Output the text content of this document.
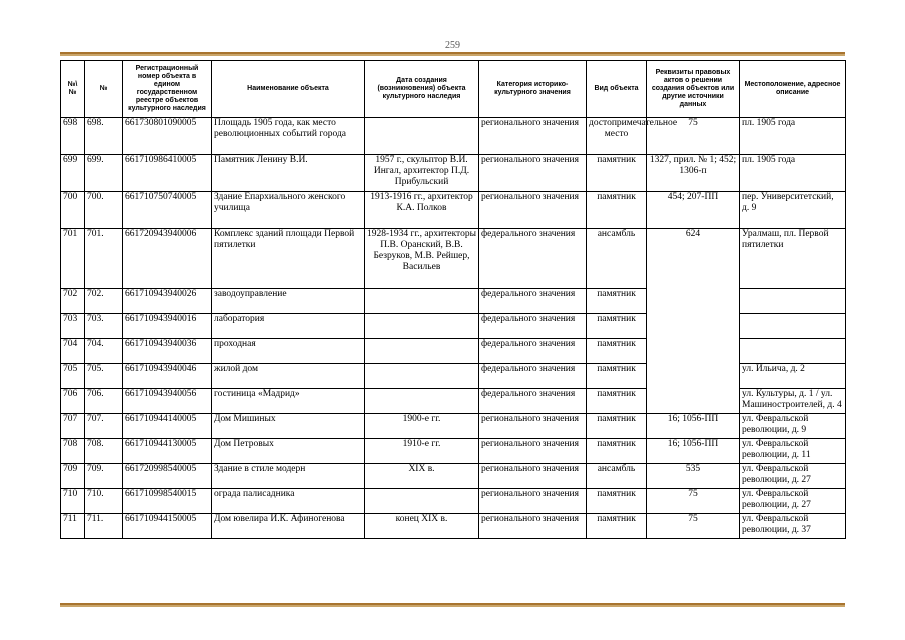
259
№\ №	№	Регистрационный номер объекта в едином государственном реестре объектов культурного наследия	Наименование объекта	Дата создания (возникновения) объекта культурного наследия	Категория историко-культурного значения	Вид объекта	Реквизиты правовых актов о решении создания объектов или другие источники данных	Местоположение, адресное описание
698	698.	661730801090005	Площадь 1905 года, как место революционных событий города		регионального значения	достопримечательное место	75	пл. 1905 года
699	699.	661710986410005	Памятник Ленину В.И.	1957 г., скульптор В.И. Ингал, архитектор П.Д. Прибульский	регионального значения	памятник	1327, прил. № 1; 452; 1306-п	пл. 1905 года
700	700.	661710750740005	Здание Епархиального женского училища	1913-1916 гг., архитектор К.А. Полков	регионального значения	памятник	454; 207-ПП	пер. Университетский, д. 9
701	701.	661720943940006	Комплекс зданий площади Первой пятилетки	1928-1934 гг., архитекторы П.В. Оранский, В.В. Безруков, М.В. Рейшер, Васильев	федерального значения	ансамбль	624	Уралмаш, пл. Первой пятилетки
702	702.	661710943940026	заводоуправление		федерального значения	памятник		
703	703.	661710943940016	лаборатория		федерального значения	памятник		
704	704.	661710943940036	проходная		федерального значения	памятник		
705	705.	661710943940046	жилой дом		федерального значения	памятник		ул. Ильича, д. 2
706	706.	661710943940056	гостиница «Мадрид»		федерального значения	памятник		ул. Культуры, д. 1 / ул. Машиностроителей, д. 4
707	707.	661710944140005	Дом Мишиных	1900-е гг.	регионального значения	памятник	16; 1056-ПП	ул. Февральской революции, д. 9
708	708.	661710944130005	Дом Петровых	1910-е гг.	регионального значения	памятник	16; 1056-ПП	ул. Февральской революции, д. 11
709	709.	661720998540005	Здание в стиле модерн	XIX в.	регионального значения	ансамбль	535	ул. Февральской революции, д. 27
710	710.	661710998540015	ограда палисадника		регионального значения	памятник	75	ул. Февральской революции, д. 27
711	711.	661710944150005	Дом ювелира И.К. Афиногенова	конец XIX в.	регионального значения	памятник	75	ул. Февральской революции, д. 37
